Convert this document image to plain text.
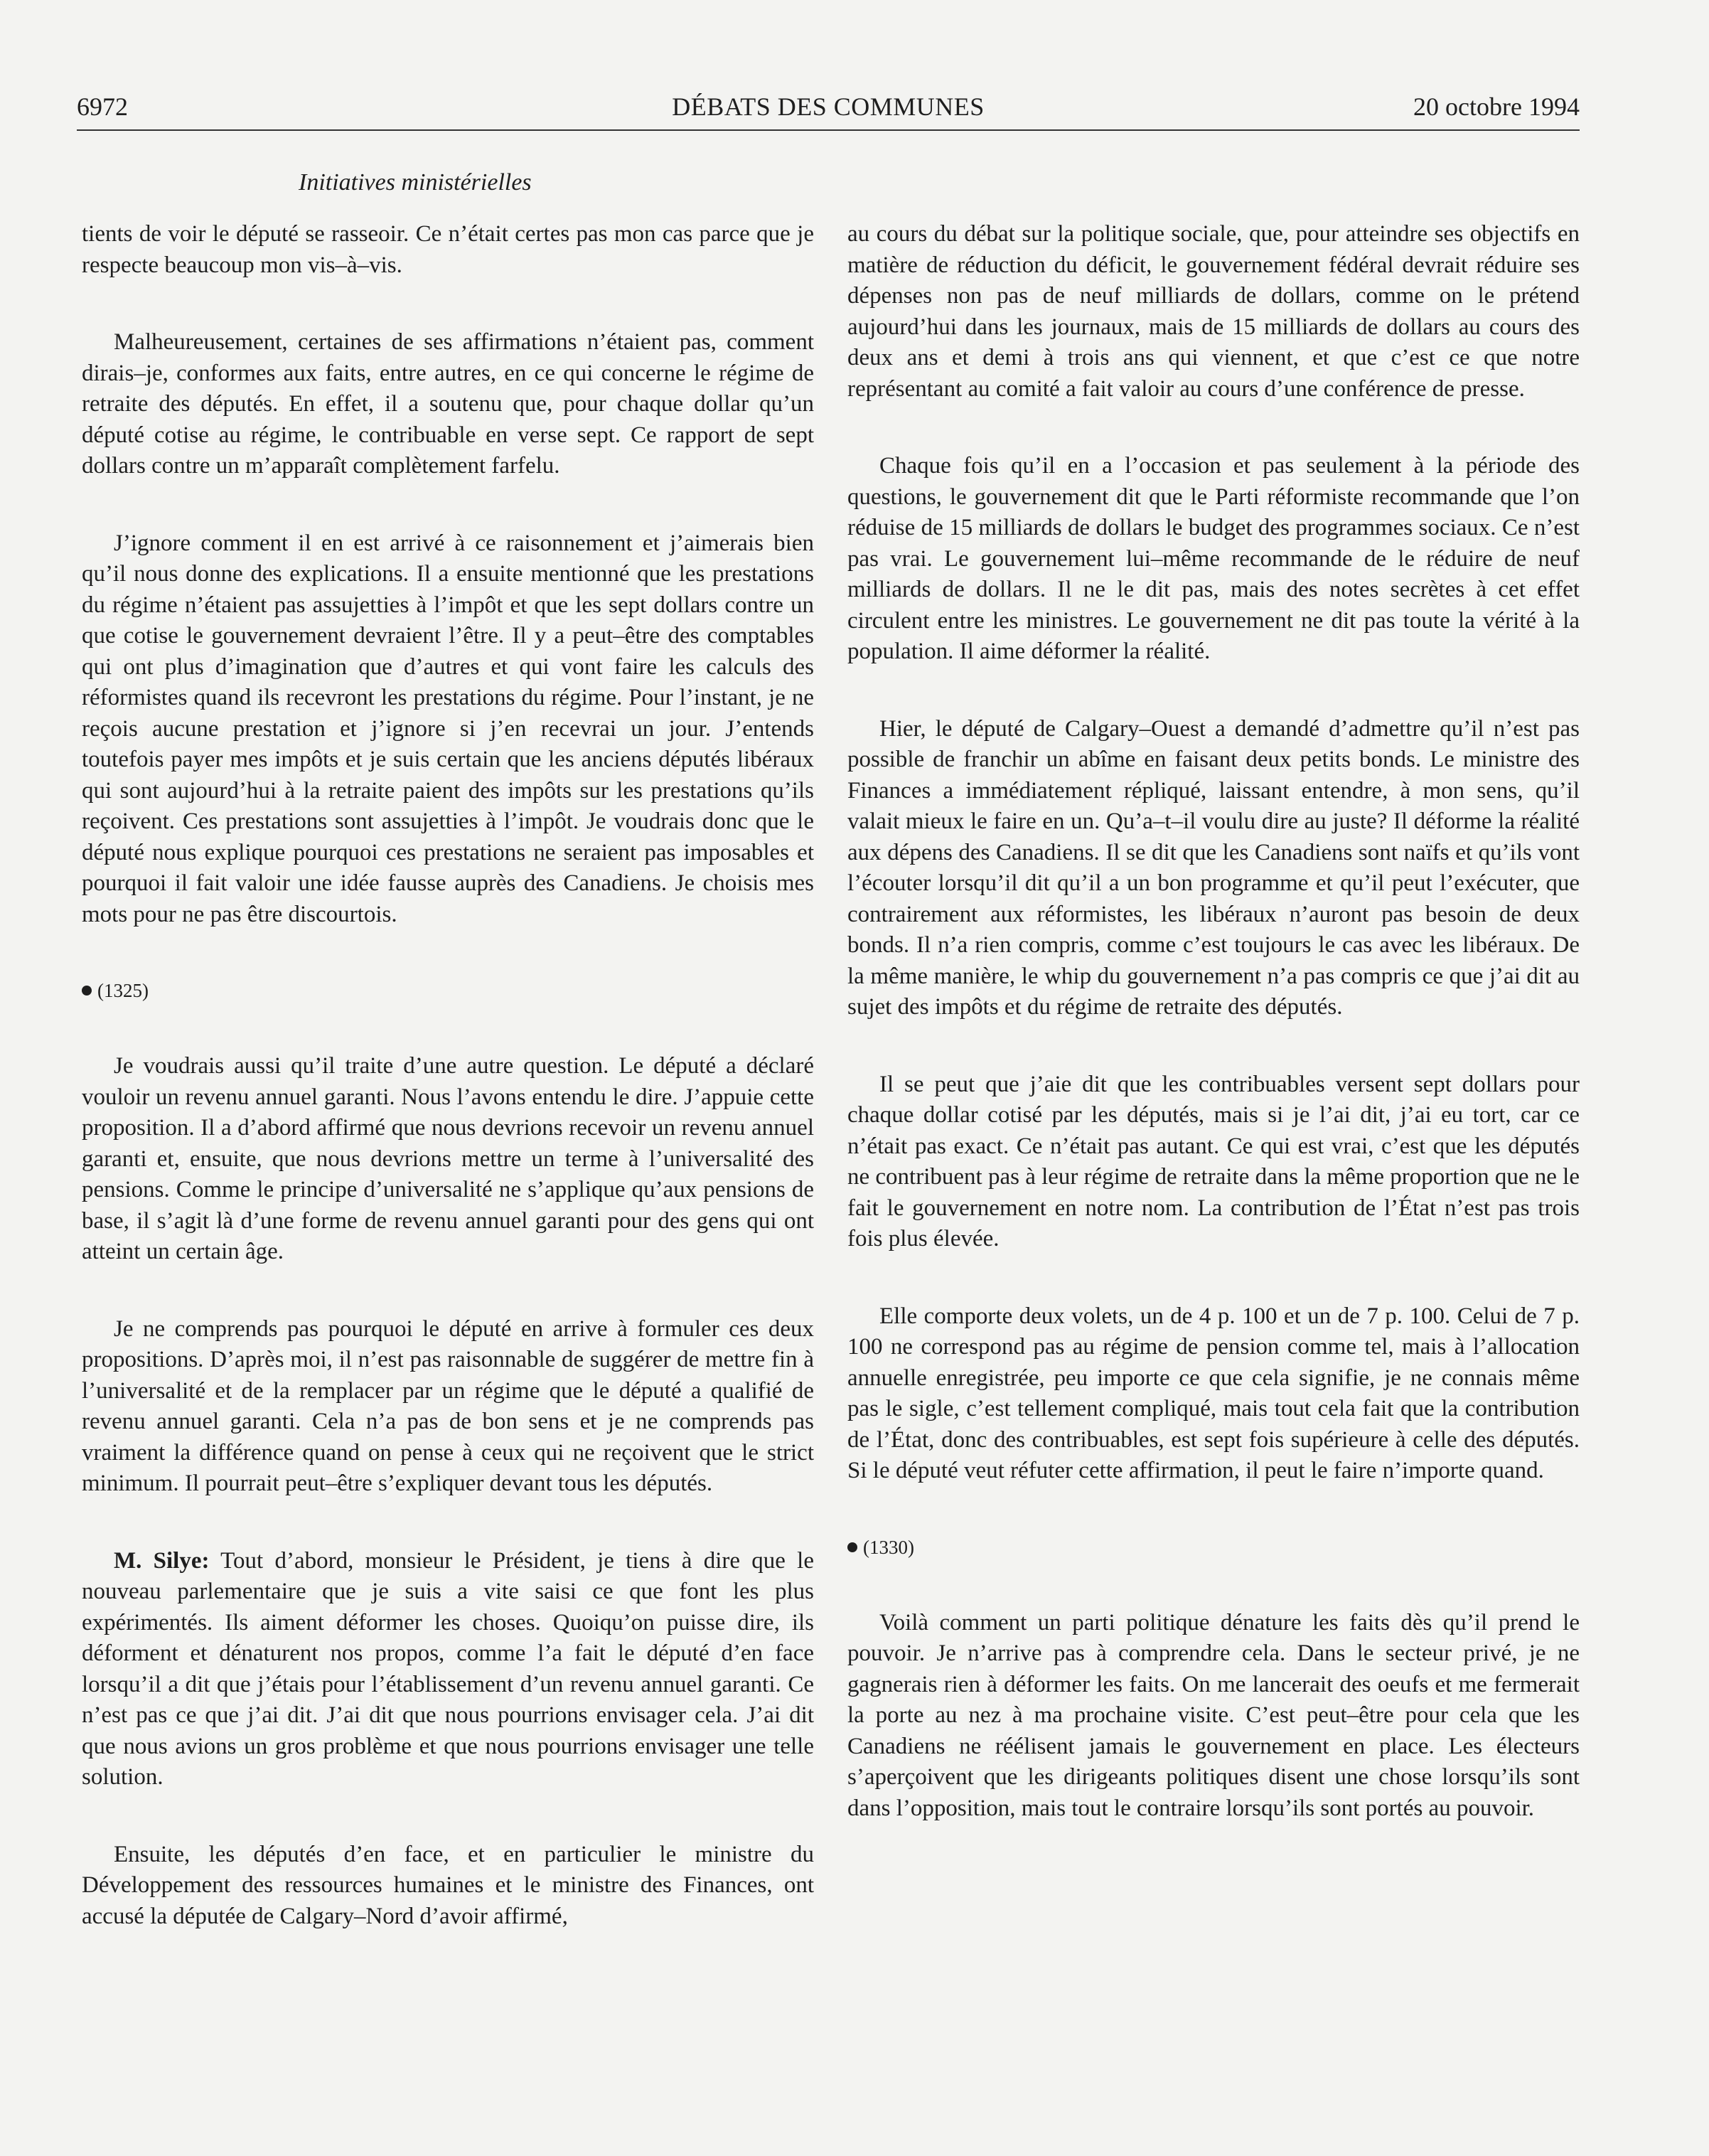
6972	DÉBATS DES COMMUNES	20 octobre 1994
Initiatives ministérielles

tients de voir le député se rasseoir. Ce n’était certes pas mon cas parce que je respecte beaucoup mon vis–à–vis.

Malheureusement, certaines de ses affirmations n’étaient pas, comment dirais–je, conformes aux faits, entre autres, en ce qui concerne le régime de retraite des députés. En effet, il a soutenu que, pour chaque dollar qu’un député cotise au régime, le contribuable en verse sept. Ce rapport de sept dollars contre un m’apparaît complètement farfelu.

J’ignore comment il en est arrivé à ce raisonnement et j’aimerais bien qu’il nous donne des explications. Il a ensuite mentionné que les prestations du régime n’étaient pas assujetties à l’impôt et que les sept dollars contre un que cotise le gouvernement devraient l’être. Il y a peut–être des comptables qui ont plus d’imagination que d’autres et qui vont faire les calculs des réformistes quand ils recevront les prestations du régime. Pour l’instant, je ne reçois aucune prestation et j’ignore si j’en recevrai un jour. J’entends toutefois payer mes impôts et je suis certain que les anciens députés libéraux qui sont aujourd’hui à la retraite paient des impôts sur les prestations qu’ils reçoivent. Ces prestations sont assujetties à l’impôt. Je voudrais donc que le député nous explique pourquoi ces prestations ne seraient pas imposables et pourquoi il fait valoir une idée fausse auprès des Canadiens. Je choisis mes mots pour ne pas être discourtois.

(1325)

Je voudrais aussi qu’il traite d’une autre question. Le député a déclaré vouloir un revenu annuel garanti. Nous l’avons entendu le dire. J’appuie cette proposition. Il a d’abord affirmé que nous devrions recevoir un revenu annuel garanti et, ensuite, que nous devrions mettre un terme à l’universalité des pensions. Comme le principe d’universalité ne s’applique qu’aux pensions de base, il s’agit là d’une forme de revenu annuel garanti pour des gens qui ont atteint un certain âge.

Je ne comprends pas pourquoi le député en arrive à formuler ces deux propositions. D’après moi, il n’est pas raisonnable de suggérer de mettre fin à l’universalité et de la remplacer par un régime que le député a qualifié de revenu annuel garanti. Cela n’a pas de bon sens et je ne comprends pas vraiment la différence quand on pense à ceux qui ne reçoivent que le strict minimum. Il pourrait peut–être s’expliquer devant tous les députés.

M. Silye: Tout d’abord, monsieur le Président, je tiens à dire que le nouveau parlementaire que je suis a vite saisi ce que font les plus expérimentés. Ils aiment déformer les choses. Quoiqu’on puisse dire, ils déforment et dénaturent nos propos, comme l’a fait le député d’en face lorsqu’il a dit que j’étais pour l’établissement d’un revenu annuel garanti. Ce n’est pas ce que j’ai dit. J’ai dit que nous pourrions envisager cela. J’ai dit que nous avions un gros problème et que nous pourrions envisager une telle solution.

Ensuite, les députés d’en face, et en particulier le ministre du Développement des ressources humaines et le ministre des Finances, ont accusé la députée de Calgary–Nord d’avoir affirmé,

au cours du débat sur la politique sociale, que, pour atteindre ses objectifs en matière de réduction du déficit, le gouvernement fédéral devrait réduire ses dépenses non pas de neuf milliards de dollars, comme on le prétend aujourd’hui dans les journaux, mais de 15 milliards de dollars au cours des deux ans et demi à trois ans qui viennent, et que c’est ce que notre représentant au comité a fait valoir au cours d’une conférence de presse.

Chaque fois qu’il en a l’occasion et pas seulement à la période des questions, le gouvernement dit que le Parti réformiste recommande que l’on réduise de 15 milliards de dollars le budget des programmes sociaux. Ce n’est pas vrai. Le gouvernement lui–même recommande de le réduire de neuf milliards de dollars. Il ne le dit pas, mais des notes secrètes à cet effet circulent entre les ministres. Le gouvernement ne dit pas toute la vérité à la population. Il aime déformer la réalité.

Hier, le député de Calgary–Ouest a demandé d’admettre qu’il n’est pas possible de franchir un abîme en faisant deux petits bonds. Le ministre des Finances a immédiatement répliqué, laissant entendre, à mon sens, qu’il valait mieux le faire en un. Qu’a–t–il voulu dire au juste? Il déforme la réalité aux dépens des Canadiens. Il se dit que les Canadiens sont naïfs et qu’ils vont l’écouter lorsqu’il dit qu’il a un bon programme et qu’il peut l’exécuter, que contrairement aux réformistes, les libéraux n’auront pas besoin de deux bonds. Il n’a rien compris, comme c’est toujours le cas avec les libéraux. De la même manière, le whip du gouvernement n’a pas compris ce que j’ai dit au sujet des impôts et du régime de retraite des députés.

Il se peut que j’aie dit que les contribuables versent sept dollars pour chaque dollar cotisé par les députés, mais si je l’ai dit, j’ai eu tort, car ce n’était pas exact. Ce n’était pas autant. Ce qui est vrai, c’est que les députés ne contribuent pas à leur régime de retraite dans la même proportion que ne le fait le gouvernement en notre nom. La contribution de l’État n’est pas trois fois plus élevée.

Elle comporte deux volets, un de 4 p. 100 et un de 7 p. 100. Celui de 7 p. 100 ne correspond pas au régime de pension comme tel, mais à l’allocation annuelle enregistrée, peu importe ce que cela signifie, je ne connais même pas le sigle, c’est tellement compliqué, mais tout cela fait que la contribution de l’État, donc des contribuables, est sept fois supérieure à celle des députés. Si le député veut réfuter cette affirmation, il peut le faire n’importe quand.

(1330)

Voilà comment un parti politique dénature les faits dès qu’il prend le pouvoir. Je n’arrive pas à comprendre cela. Dans le secteur privé, je ne gagnerais rien à déformer les faits. On me lancerait des oeufs et me fermerait la porte au nez à ma prochaine visite. C’est peut–être pour cela que les Canadiens ne réélisent jamais le gouvernement en place. Les électeurs s’aperçoivent que les dirigeants politiques disent une chose lorsqu’ils sont dans l’opposition, mais tout le contraire lorsqu’ils sont portés au pouvoir.
